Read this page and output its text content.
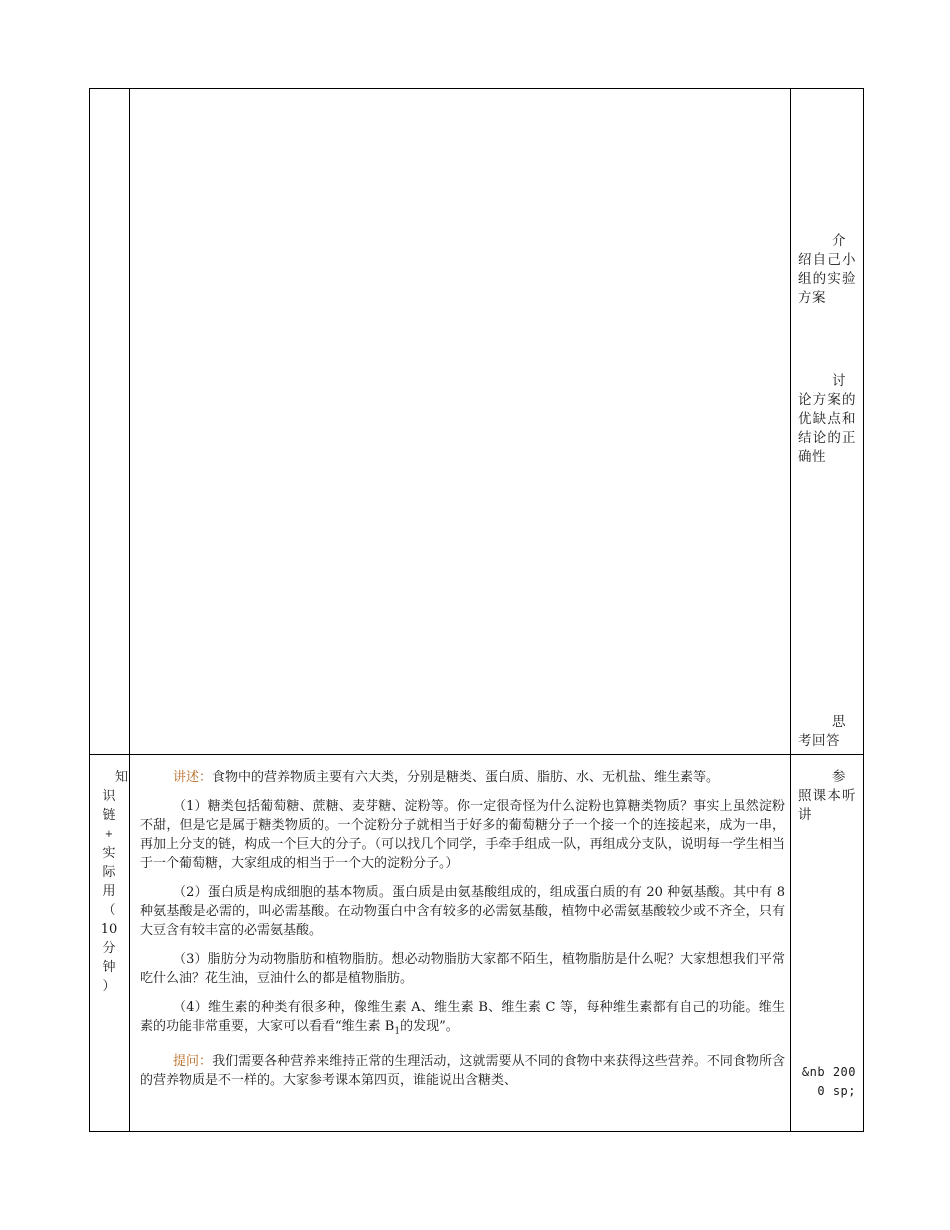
介绍自己小组的实验方案

讨论方案的优缺点和结论的正确性

思考回答

知
识
链
+
实
际
用
（
10
分
钟
）

讲述：食物中的营养物质主要有六大类，分别是糖类、蛋白质、脂肪、水、无机盐、维生素等。

（1）糖类包括葡萄糖、蔗糖、麦芽糖、淀粉等。你一定很奇怪为什么淀粉也算糖类物质？事实上虽然淀粉不甜，但是它是属于糖类物质的。一个淀粉分子就相当于好多的葡萄糖分子一个接一个的连接起来，成为一串，再加上分支的链，构成一个巨大的分子。（可以找几个同学，手牵手组成一队，再组成分支队，说明每一学生相当于一个葡萄糖，大家组成的相当于一个大的淀粉分子。）

（2）蛋白质是构成细胞的基本物质。蛋白质是由氨基酸组成的，组成蛋白质的有 20 种氨基酸。其中有 8 种氨基酸是必需的，叫必需基酸。在动物蛋白中含有较多的必需氨基酸，植物中必需氨基酸较少或不齐全，只有大豆含有较丰富的必需氨基酸。

（3）脂肪分为动物脂肪和植物脂肪。想必动物脂肪大家都不陌生，植物脂肪是什么呢？大家想想我们平常吃什么油？花生油，豆油什么的都是植物脂肪。

（4）维生素的种类有很多种，像维生素 A、维生素 B、维生素 C 等，每种维生素都有自己的功能。维生素的功能非常重要，大家可以看看“维生素 $B_1$的发现”。

提问：我们需要各种营养来维持正常的生理活动，这就需要从不同的食物中来获得这些营养。不同食物所含的营养物质是不一样的。大家参考课本第四页，谁能说出含糖类、

参照课本听讲

&nb 2000 sp;
